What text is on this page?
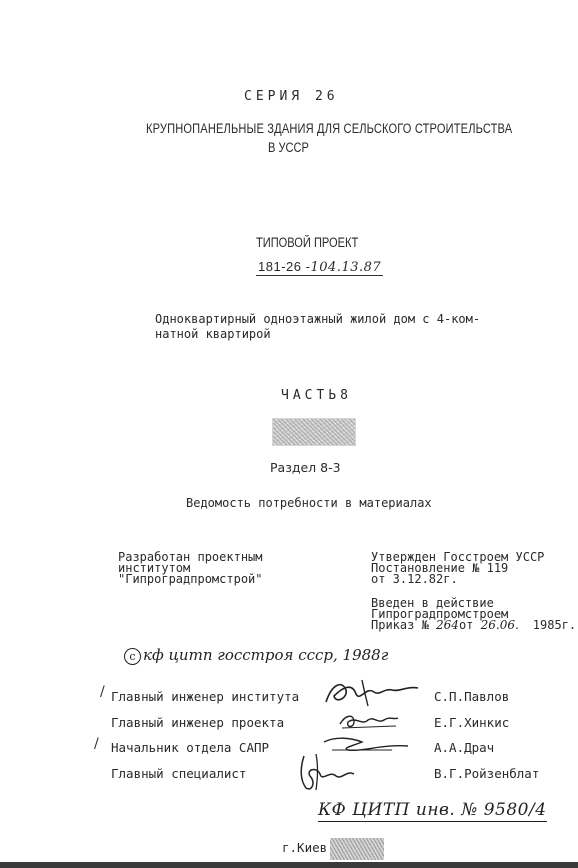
СЕРИЯ 26
КРУПНОПАНЕЛЬНЫЕ ЗДАНИЯ ДЛЯ СЕЛЬСКОГО СТРОИТЕЛЬСТВА
В УССР
ТИПОВОЙ ПРОЕКТ
181-26 -104.13.87
Одноквартирный одноэтажный жилой дом с 4-ком-
натной квартирой
ЧАСТЬ8
Раздел 8-3
Ведомость потребности в материалах
Разработан проектным
институтом
"Гипроградпромстрой"
Утвержден Госстроем УССР
Постановление № 119
от 3.12.82г.
Введен в действие
Гипроградпромстроем
Приказ № 264от 26.06. 1985г.
с кф цитп госстроя сссp, 1988г
/ Главный инженер института	С.П.Павлов
Главный инженер проекта	Е.Г.Хинкис
/ Начальник отдела САПР	А.А.Драч
Главный специалист	В.Г.Ройзенблат
КФ ЦИТП инв. № 9580/4
г.Киев
